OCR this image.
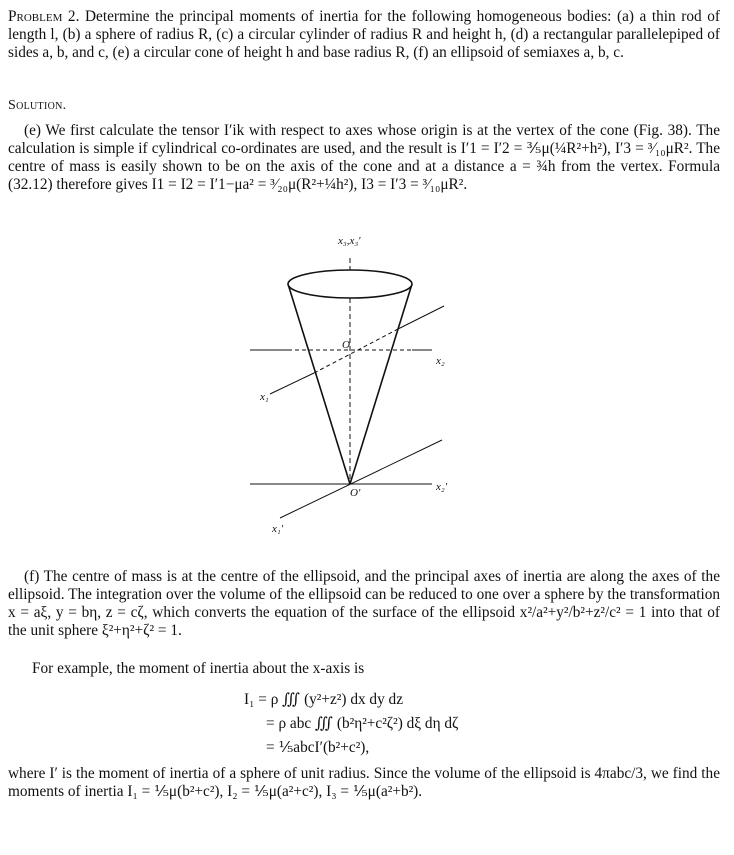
Problem 2. Determine the principal moments of inertia for the following homogeneous bodies: (a) a thin rod of length l, (b) a sphere of radius R, (c) a circular cylinder of radius R and height h, (d) a rectangular parallelepiped of sides a, b, and c, (e) a circular cone of height h and base radius R, (f) an ellipsoid of semiaxes a, b, c.

Solution.

(e) We first calculate the tensor I′ik with respect to axes whose origin is at the vertex of the cone (Fig. 38). The calculation is simple if cylindrical co-ordinates are used, and the result is I′1 = I′2 = ⅗μ(¼R²+h²), I′3 = ³⁄₁₀μR². The centre of mass is easily shown to be on the axis of the cone and at a distance a = ¾h from the vertex. Formula (32.12) therefore gives I1 = I2 = I′1−μa² = ³⁄₂₀μ(R²+¼h²), I3 = I′3 = ³⁄₁₀μR².

x₃,x₃′
x₂
x₁
O
O′	x₂′
x₁′

(f) The centre of mass is at the centre of the ellipsoid, and the principal axes of inertia are along the axes of the ellipsoid. The integration over the volume of the ellipsoid can be reduced to one over a sphere by the transformation x = aξ, y = bη, z = cζ, which converts the equation of the surface of the ellipsoid x²/a²+y²/b²+z²/c² = 1 into that of the unit sphere ξ²+η²+ζ² = 1.

For example, the moment of inertia about the x-axis is

I₁ = ρ ∭ (y²+z²) dx dy dz
= ρ abc ∭ (b²η²+c²ζ²) dξ dη dζ
= ⅕abcI′(b²+c²),

where I′ is the moment of inertia of a sphere of unit radius. Since the volume of the ellipsoid is 4πabc/3, we find the moments of inertia I₁ = ⅕μ(b²+c²), I₂ = ⅕μ(a²+c²), I₃ = ⅕μ(a²+b²).
